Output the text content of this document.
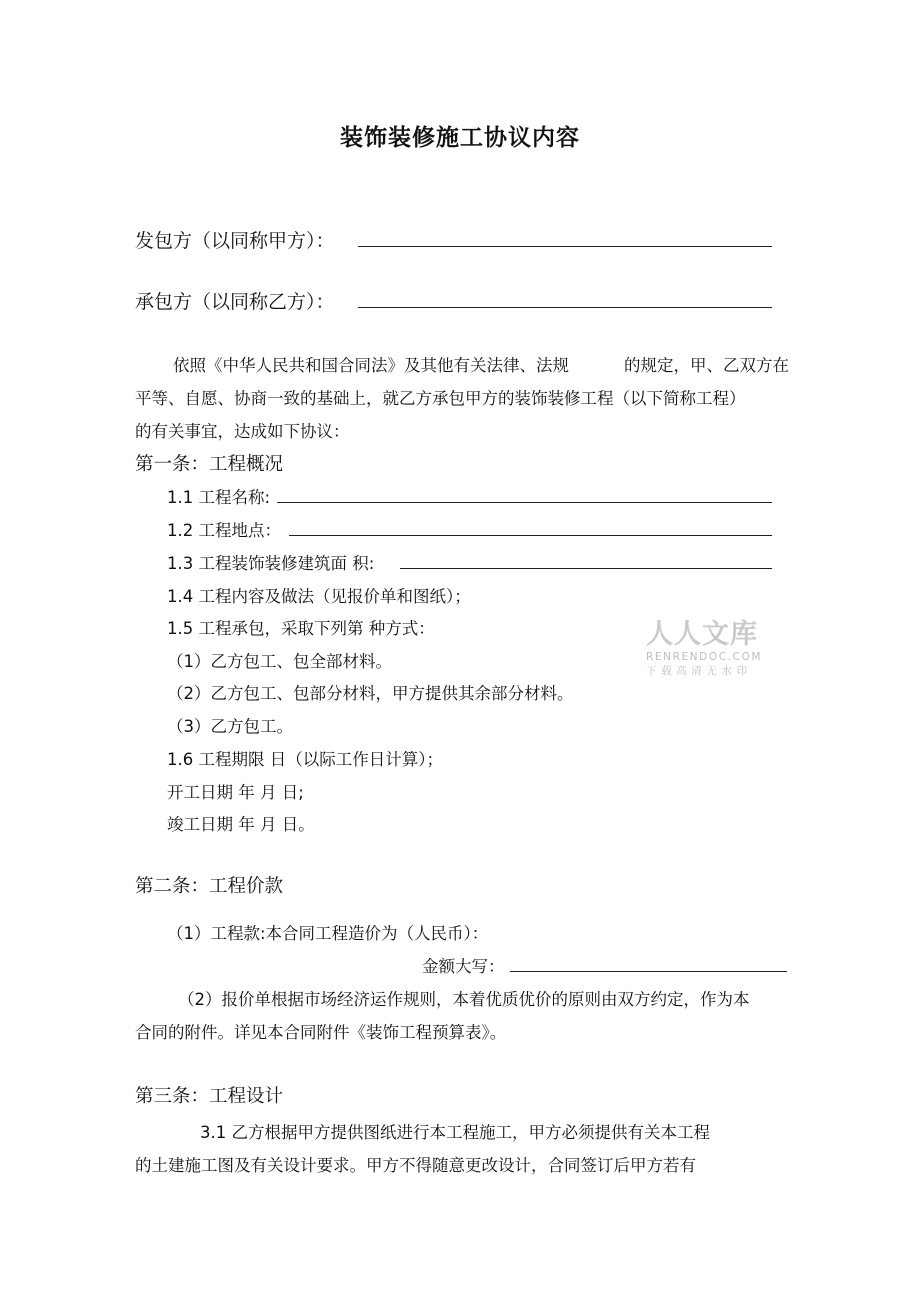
装饰装修施工协议内容
发包方（以同称甲方）：
承包方（以同称乙方）：
依照《中华人民共和国合同法》及其他有关法律、法规	的规定，甲、乙双方在
平等、自愿、协商一致的基础上，就乙方承包甲方的装饰装修工程（以下简称工程）
的有关事宜，达成如下协议：
第一条：工程概况
1.1 工程名称:
1.2 工程地点：
1.3 工程装饰装修建筑面 积:
1.4 工程内容及做法（见报价单和图纸）；
1.5 工程承包，采取下列第 种方式：
（1）乙方包工、包全部材料。
（2）乙方包工、包部分材料，甲方提供其余部分材料。
（3）乙方包工。
1.6 工程期限 日（以际工作日计算）；
开工日期 年 月 日;
竣工日期 年 月 日。
第二条：工程价款
（1）工程款:本合同工程造价为（人民币）：
金额大写：
（2）报价单根据市场经济运作规则，本着优质优价的原则由双方约定，作为本
合同的附件。详见本合同附件《装饰工程预算表》。
第三条：工程设计
3.1 乙方根据甲方提供图纸进行本工程施工，甲方必须提供有关本工程
的土建施工图及有关设计要求。甲方不得随意更改设计，合同签订后甲方若有
人人文库
RENRENDOC.COM
下载高清无水印
